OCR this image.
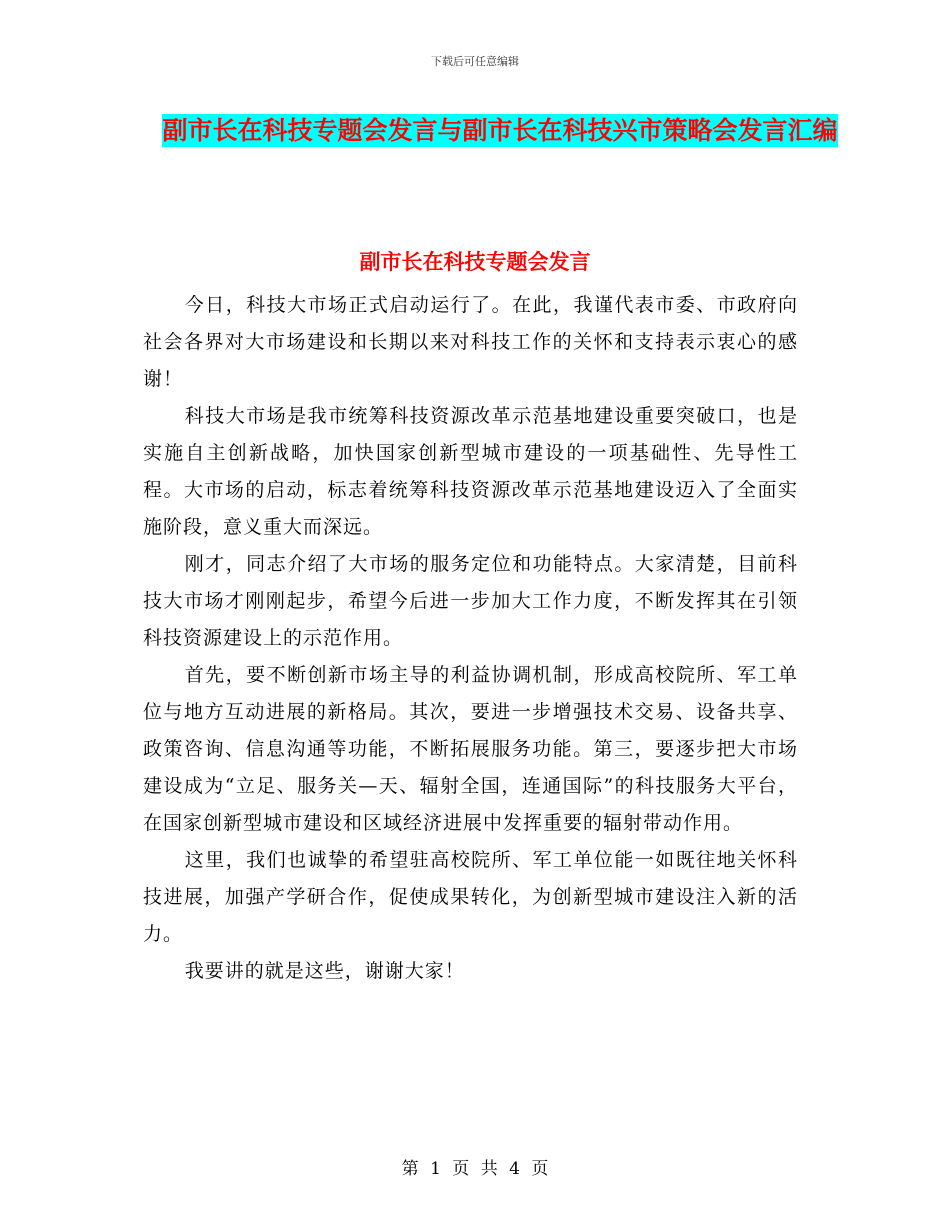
下载后可任意编辑
副市长在科技专题会发言与副市长在科技兴市策略会发言汇编
副市长在科技专题会发言

今日，科技大市场正式启动运行了。在此，我谨代表市委、市政府向社会各界对大市场建设和长期以来对科技工作的关怀和支持表示衷心的感谢！

科技大市场是我市统筹科技资源改革示范基地建设重要突破口，也是实施自主创新战略，加快国家创新型城市建设的一项基础性、先导性工程。大市场的启动，标志着统筹科技资源改革示范基地建设迈入了全面实施阶段，意义重大而深远。

刚才，同志介绍了大市场的服务定位和功能特点。大家清楚，目前科技大市场才刚刚起步，希望今后进一步加大工作力度，不断发挥其在引领科技资源建设上的示范作用。

首先，要不断创新市场主导的利益协调机制，形成高校院所、军工单位与地方互动进展的新格局。其次，要进一步增强技术交易、设备共享、政策咨询、信息沟通等功能，不断拓展服务功能。第三，要逐步把大市场建设成为“立足、服务关—天、辐射全国，连通国际”的科技服务大平台，在国家创新型城市建设和区域经济进展中发挥重要的辐射带动作用。

这里，我们也诚挚的希望驻高校院所、军工单位能一如既往地关怀科技进展，加强产学研合作，促使成果转化，为创新型城市建设注入新的活力。

我要讲的就是这些，谢谢大家！

第 1 页 共 4 页
